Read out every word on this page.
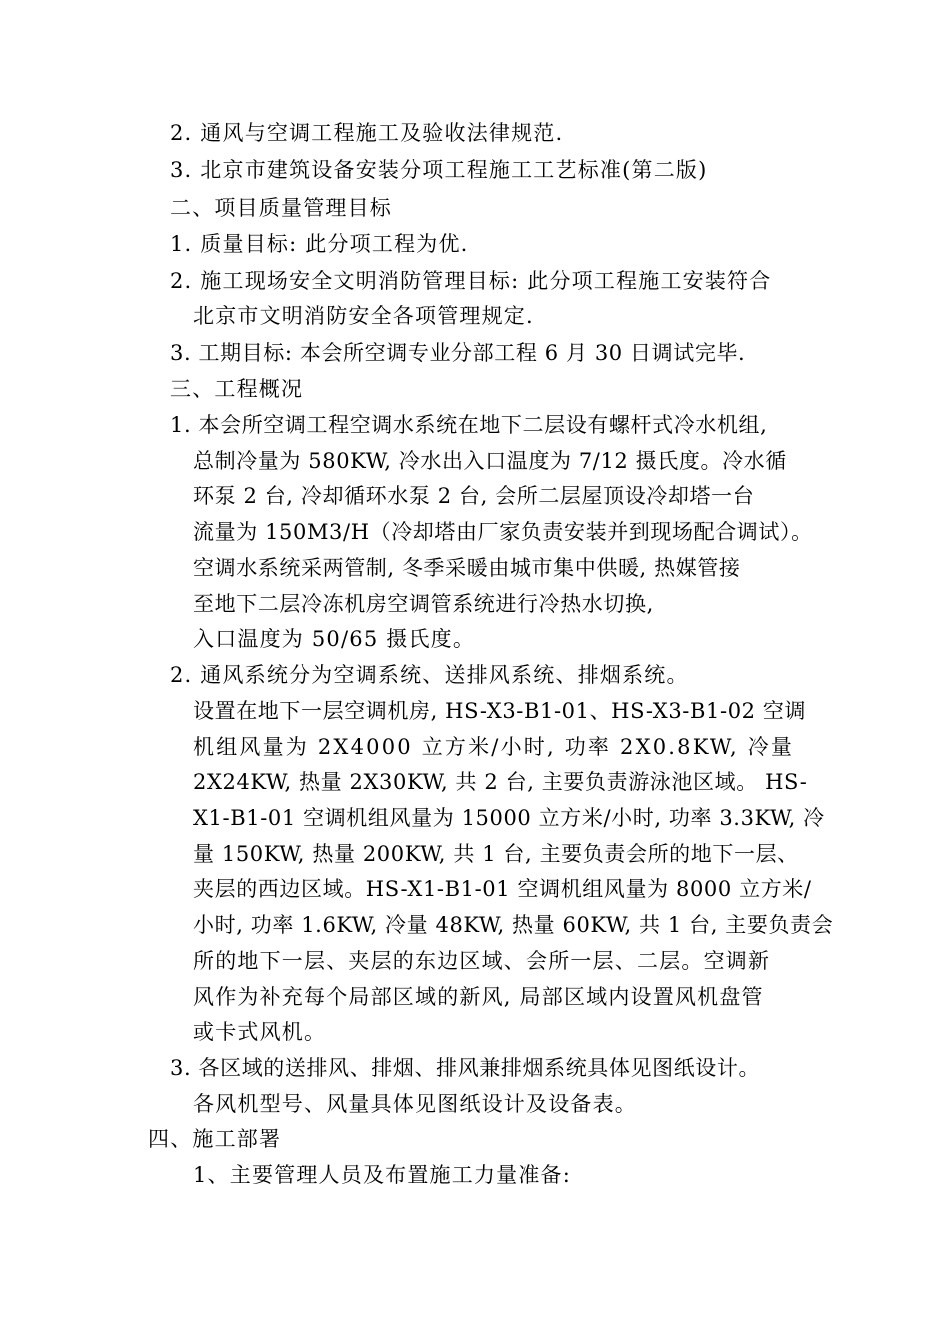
2. 通风与空调工程施工及验收法律规范.
3. 北京市建筑设备安装分项工程施工工艺标准(第二版)
二、项目质量管理目标
1. 质量目标: 此分项工程为优.
2. 施工现场安全文明消防管理目标: 此分项工程施工安装符合
北京市文明消防安全各项管理规定.
3. 工期目标: 本会所空调专业分部工程 6 月 30 日调试完毕.
三、工程概况
1. 本会所空调工程空调水系统在地下二层设有螺杆式冷水机组,
总制冷量为 580KW, 冷水出入口温度为 7/12 摄氏度。冷水循
环泵 2 台, 冷却循环水泵 2 台, 会所二层屋顶设冷却塔一台
流量为 150M3/H（冷却塔由厂家负责安装并到现场配合调试）。
空调水系统采两管制, 冬季采暖由城市集中供暖, 热媒管接
至地下二层冷冻机房空调管系统进行冷热水切换,
入口温度为 50/65 摄氏度。
2. 通风系统分为空调系统、送排风系统、排烟系统。
设置在地下一层空调机房, HS-X3-B1-01、HS-X3-B1-02 空调
机组风量为 2X4000 立方米/小时, 功率 2X0.8KW, 冷量
2X24KW, 热量 2X30KW, 共 2 台, 主要负责游泳池区域。 HS-
X1-B1-01 空调机组风量为 15000 立方米/小时, 功率 3.3KW, 冷
量 150KW, 热量 200KW, 共 1 台, 主要负责会所的地下一层、
夹层的西边区域。HS-X1-B1-01 空调机组风量为 8000 立方米/
小时, 功率 1.6KW, 冷量 48KW, 热量 60KW, 共 1 台, 主要负责会
所的地下一层、夹层的东边区域、会所一层、二层。空调新
风作为补充每个局部区域的新风, 局部区域内设置风机盘管
或卡式风机。
3. 各区域的送排风、排烟、排风兼排烟系统具体见图纸设计。
各风机型号、风量具体见图纸设计及设备表。
四、施工部署
1、主要管理人员及布置施工力量准备:
